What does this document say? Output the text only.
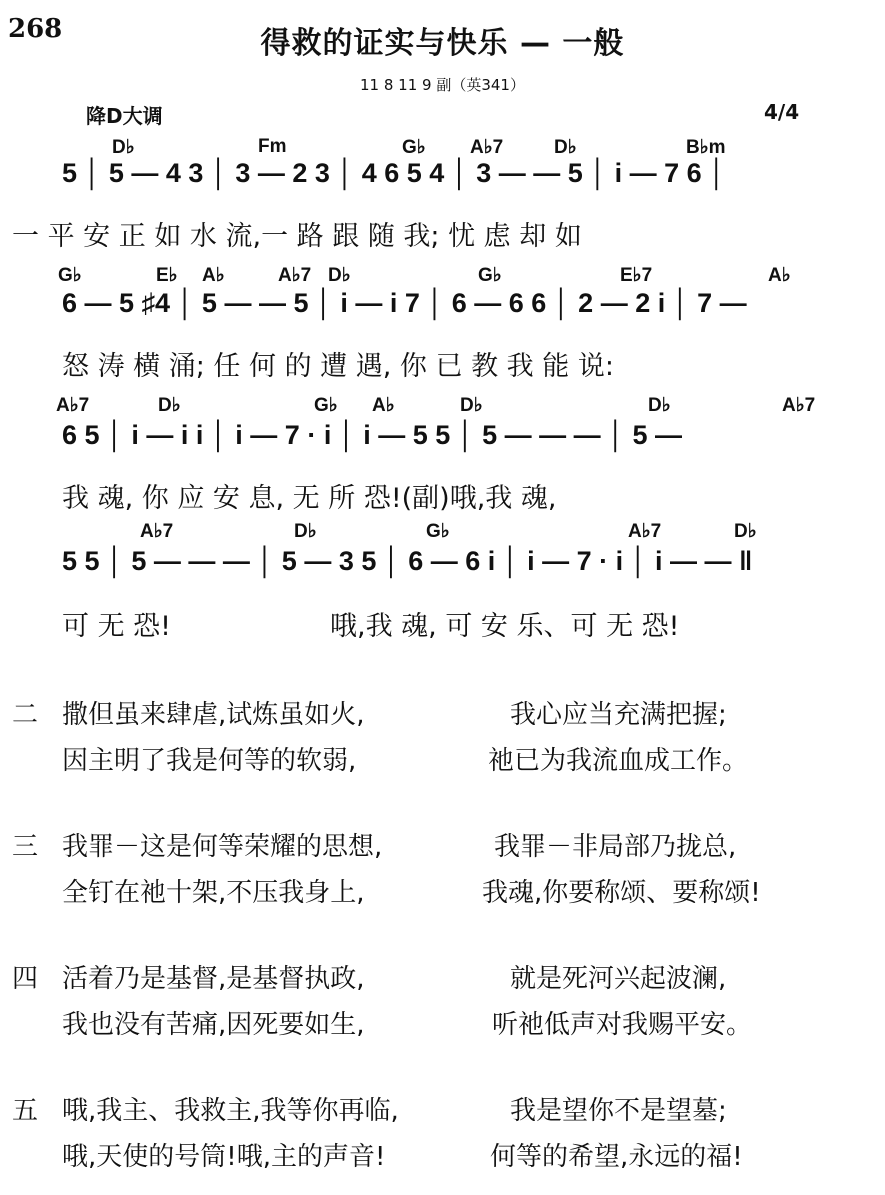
268	得救的证实与快乐 — 一般
11 8 11 9 副（英341）
降D大调	4/4
D♭	Fm	G♭ A♭7	D♭	B♭m
5 │ 5 — 4 3 │ 3 — 2 3 │ 4 6 5 4 │ 3 — — 5 │ i — 7 6 │
一 平 安 正 如 水 流,一 路 跟 随 我; 忧 虑 却 如
G♭	E♭ A♭	A♭7 D♭	G♭	E♭7	A♭
6 — 5 ♯4 │ 5 — — 5 │ i — i 7 │ 6 — 6 6 │ 2 — 2 i │ 7 —
怒 涛 横 涌; 任 何 的 遭 遇, 你 已 教 我 能 说:
A♭7	D♭	G♭ A♭	D♭	D♭	A♭7
6 5 │ i — i i │ i — 7 · i │ i — 5 5 │ 5 — — — │ 5 —
我 魂, 你 应 安 息, 无 所 恐!(副)哦,我 魂,
A♭7	D♭	G♭	A♭7	D♭
5 5 │ 5 — — — │ 5 — 3 5 │ 6 — 6 i │ i — 7 · i │ i — — ‖
可 无 恐!	哦,我 魂, 可 安 乐、可 无 恐!
二 撒但虽来肆虐,试炼虽如火,	我心应当充满把握;
因主明了我是何等的软弱,	祂已为我流血成工作。
三 我罪－这是何等荣耀的思想,	我罪－非局部乃拢总,
全钉在祂十架,不压我身上,	我魂,你要称颂、要称颂!
四 活着乃是基督,是基督执政,	就是死河兴起波澜,
我也没有苦痛,因死要如生,	听祂低声对我赐平安。
五 哦,我主、我救主,我等你再临,	我是望你不是望墓;
哦,天使的号筒!哦,主的声音!	何等的希望,永远的福!
